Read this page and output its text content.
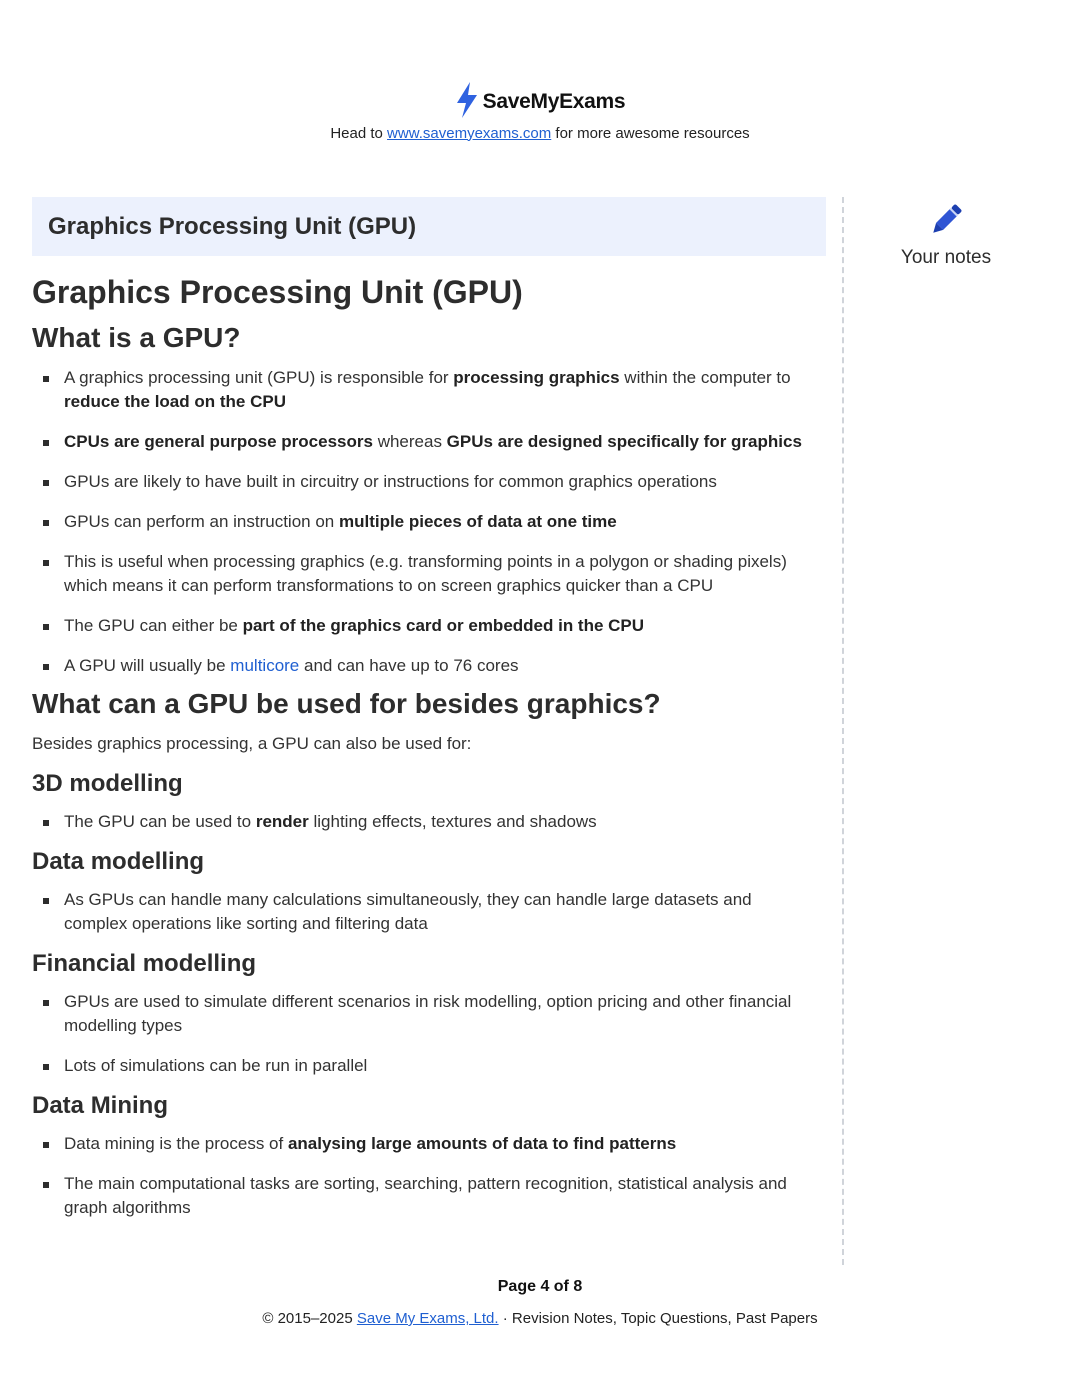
SaveMyExams
Head to www.savemyexams.com for more awesome resources
Graphics Processing Unit (GPU)
Graphics Processing Unit (GPU)
What is a GPU?
A graphics processing unit (GPU) is responsible for processing graphics within the computer to reduce the load on the CPU
CPUs are general purpose processors whereas GPUs are designed specifically for graphics
GPUs are likely to have built in circuitry or instructions for common graphics operations
GPUs can perform an instruction on multiple pieces of data at one time
This is useful when processing graphics (e.g. transforming points in a polygon or shading pixels) which means it can perform transformations to on screen graphics quicker than a CPU
The GPU can either be part of the graphics card or embedded in the CPU
A GPU will usually be multicore and can have up to 76 cores
What can a GPU be used for besides graphics?

Besides graphics processing, a GPU can also be used for:

3D modelling
The GPU can be used to render lighting effects, textures and shadows
Data modelling
As GPUs can handle many calculations simultaneously, they can handle large datasets and complex operations like sorting and filtering data
Financial modelling
GPUs are used to simulate different scenarios in risk modelling, option pricing and other financial modelling types
Lots of simulations can be run in parallel
Data Mining
Data mining is the process of analysing large amounts of data to find patterns
The main computational tasks are sorting, searching, pattern recognition, statistical analysis and graph algorithms
Your notes
Page 4 of 8
© 2015–2025 Save My Exams, Ltd. · Revision Notes, Topic Questions, Past Papers
